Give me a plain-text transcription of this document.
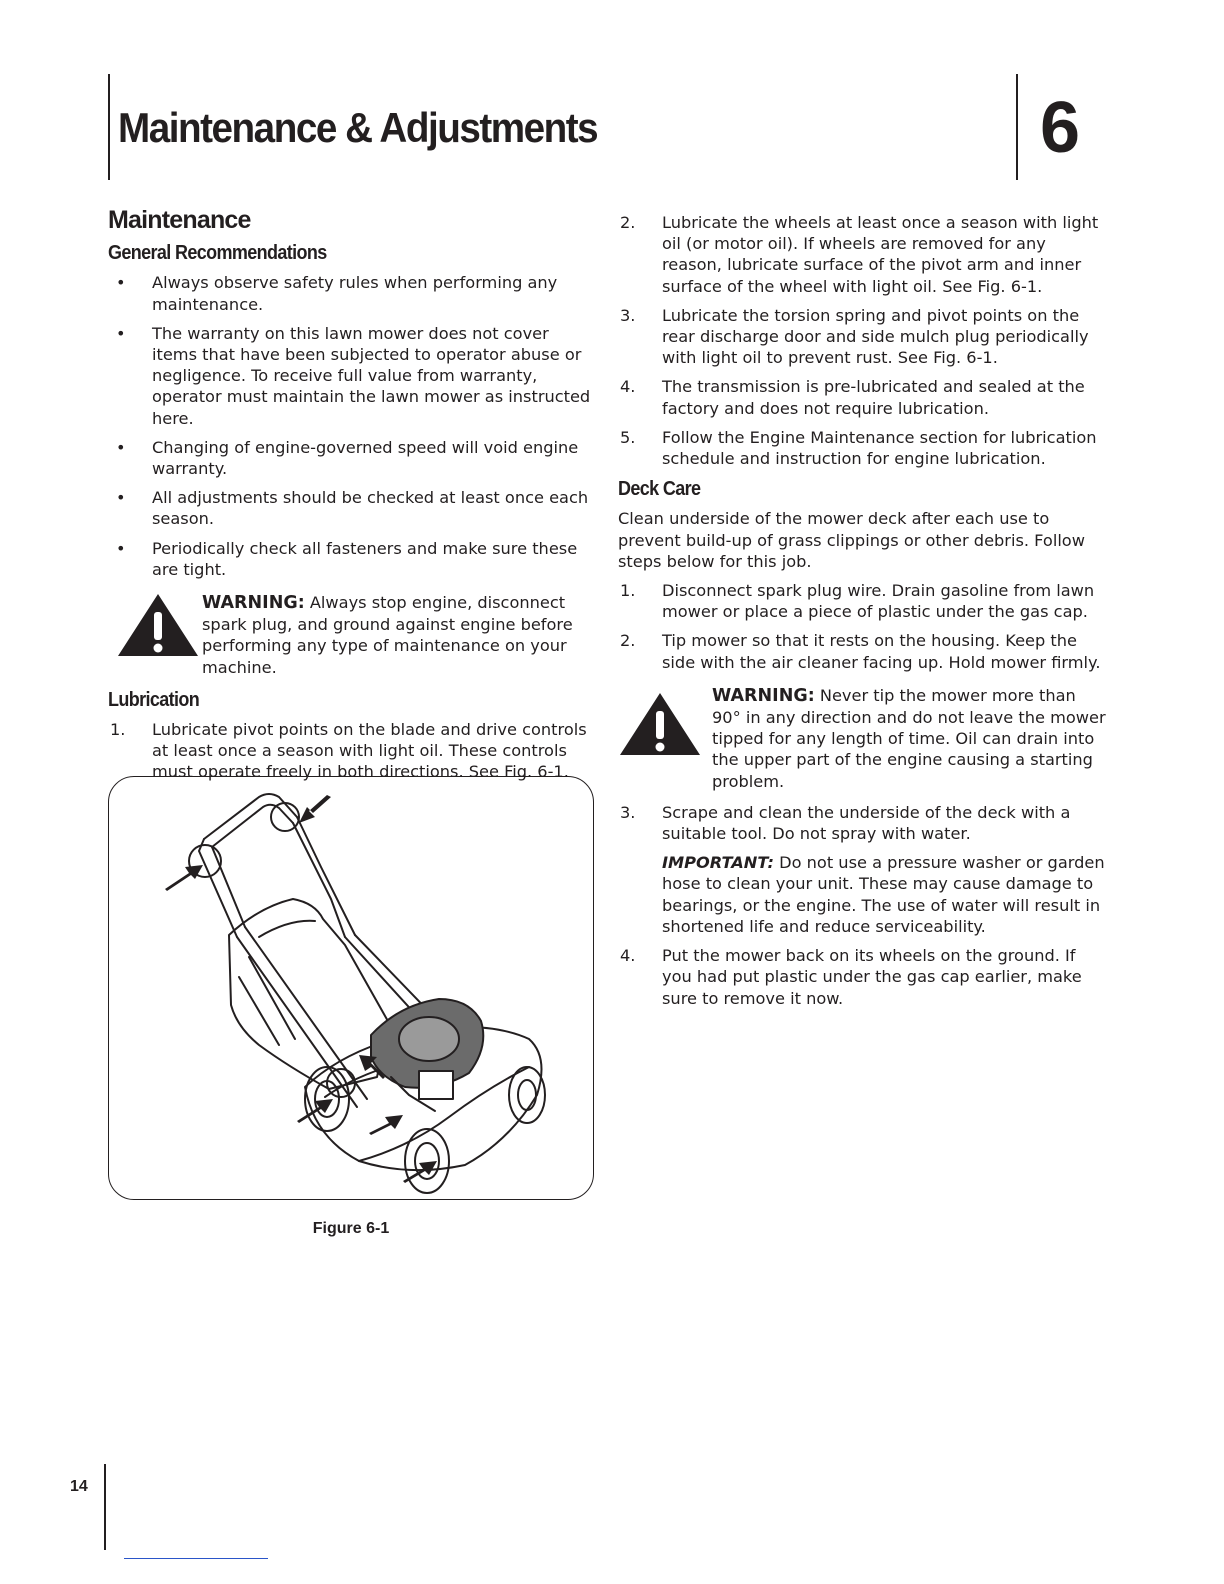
Maintenance & Adjustments	6
Maintenance
General Recommendations
• Always observe safety rules when performing any maintenance.
• The warranty on this lawn mower does not cover items that have been subjected to operator abuse or negligence. To receive full value from warranty, operator must maintain the lawn mower as instructed here.
• Changing of engine-governed speed will void engine warranty.
• All adjustments should be checked at least once each season.
• Periodically check all fasteners and make sure these are tight.
WARNING: Always stop engine, disconnect spark plug, and ground against engine before performing any type of maintenance on your machine.
Lubrication
1. Lubricate pivot points on the blade and drive controls at least once a season with light oil. These controls must operate freely in both directions. See Fig. 6-1.
Figure 6-1
2. Lubricate the wheels at least once a season with light oil (or motor oil). If wheels are removed for any reason, lubricate surface of the pivot arm and inner surface of the wheel with light oil. See Fig. 6-1.
3. Lubricate the torsion spring and pivot points on the rear discharge door and side mulch plug periodically with light oil to prevent rust. See Fig. 6-1.
4. The transmission is pre-lubricated and sealed at the factory and does not require lubrication.
5. Follow the Engine Maintenance section for lubrication schedule and instruction for engine lubrication.
Deck Care

Clean underside of the mower deck after each use to prevent build-up of grass clippings or other debris. Follow steps below for this job.

1. Disconnect spark plug wire. Drain gasoline from lawn mower or place a piece of plastic under the gas cap.
2. Tip mower so that it rests on the housing. Keep the side with the air cleaner facing up. Hold mower firmly.
WARNING: Never tip the mower more than 90° in any direction and do not leave the mower tipped for any length of time. Oil can drain into the upper part of the engine causing a starting problem.
3. Scrape and clean the underside of the deck with a suitable tool. Do not spray with water.
IMPORTANT: Do not use a pressure washer or garden hose to clean your unit. These may cause damage to bearings, or the engine. The use of water will result in shortened life and reduce serviceability.
4. Put the mower back on its wheels on the ground. If you had put plastic under the gas cap earlier, make sure to remove it now.
14
